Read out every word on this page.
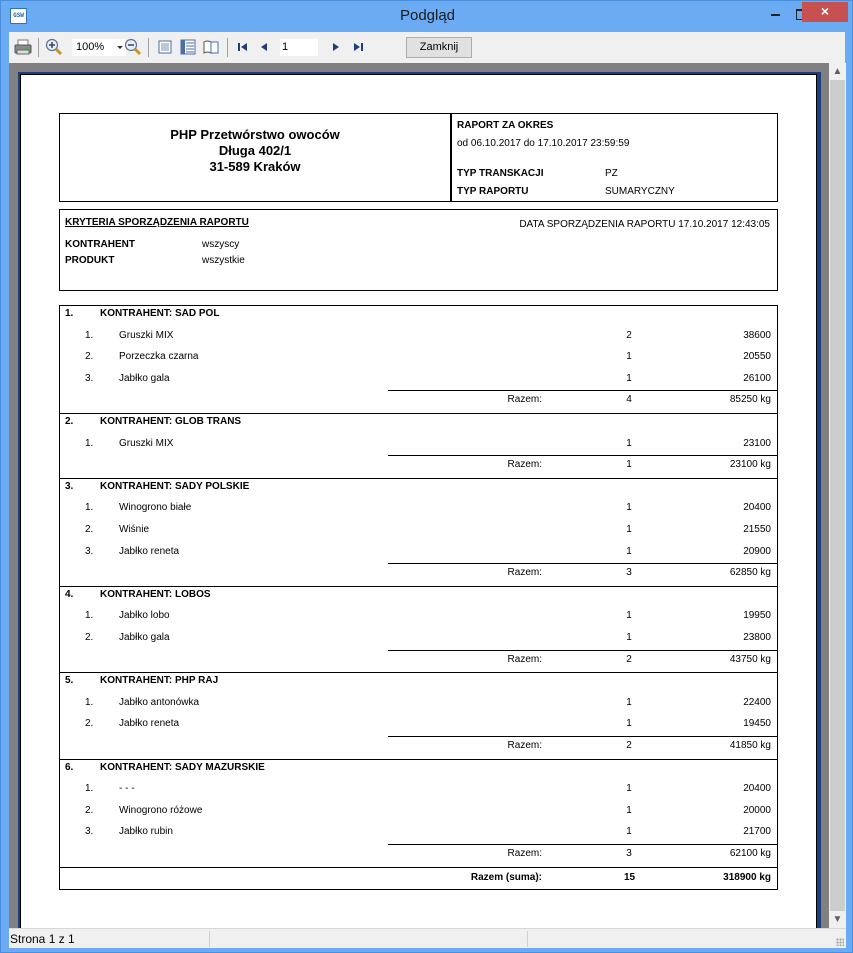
GSW	Podgląd	×
100%	1	Zamknij
PHP Przetwórstwo owoców
Długa 402/1
31-589 Kraków
RAPORT ZA OKRES
od 06.10.2017 do 17.10.2017 23:59:59
TYP TRANSKACJI	PZ
TYP RAPORTU	SUMARYCZNY
KRYTERIA SPORZĄDZENIA RAPORTU	DATA SPORZĄDZENIA RAPORTU 17.10.2017 12:43:05
KONTRAHENT	wszyscy
PRODUKT	wszystkie
1.	KONTRAHENT: SAD POL
1.	Gruszki MIX	2	38600
2.	Porzeczka czarna	1	20550
3.	Jabłko gala	1	26100
Razem:	4	85250 kg
2.	KONTRAHENT: GLOB TRANS
1.	Gruszki MIX	1	23100
Razem:	1	23100 kg
3.	KONTRAHENT: SADY POLSKIE
1.	Winogrono białe	1	20400
2.	Wiśnie	1	21550
3.	Jabłko reneta	1	20900
Razem:	3	62850 kg
4.	KONTRAHENT: LOBOS
1.	Jabłko lobo	1	19950
2.	Jabłko gala	1	23800
Razem:	2	43750 kg
5.	KONTRAHENT: PHP RAJ
1.	Jabłko antonówka	1	22400
2.	Jabłko reneta	1	19450
Razem:	2	41850 kg
6.	KONTRAHENT: SADY MAZURSKIE
1.	- - -	1	20400
2.	Winogrono różowe	1	20000
3.	Jabłko rubin	1	21700
Razem:	3	62100 kg
Razem (suma):	15	318900 kg
▲
▼
Strona 1 z 1
